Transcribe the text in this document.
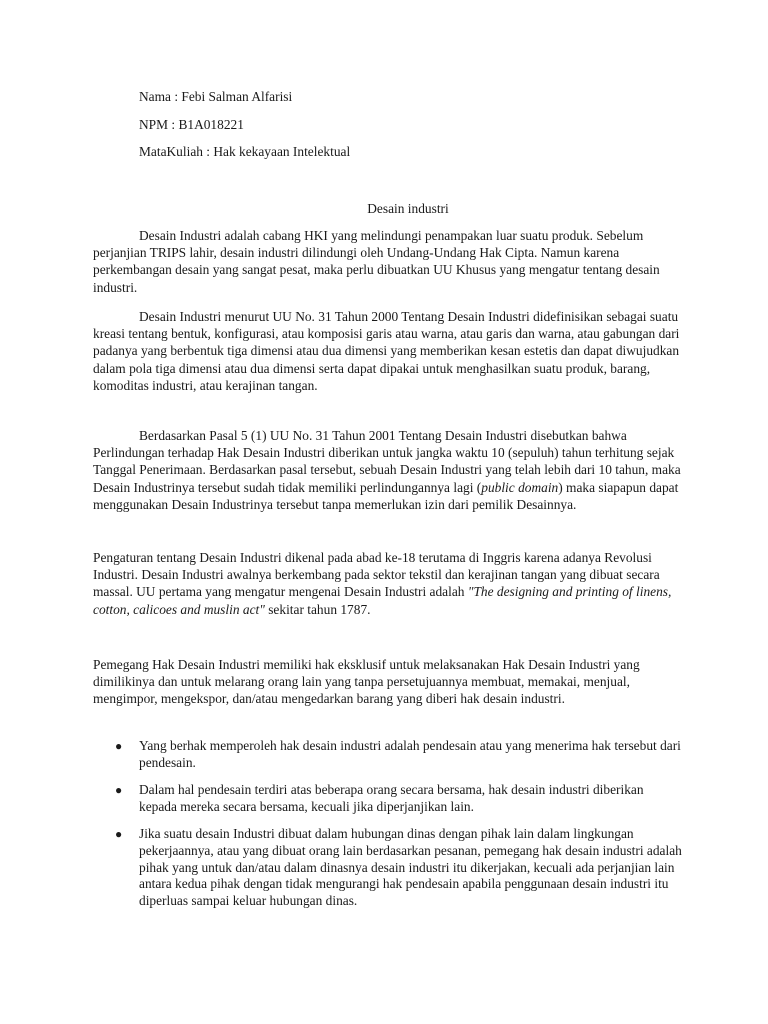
Nama : Febi Salman Alfarisi
NPM : B1A018221
MataKuliah : Hak kekayaan Intelektual
Desain industri

Desain Industri adalah cabang HKI yang melindungi penampakan luar suatu produk. Sebelum perjanjian TRIPS lahir, desain industri dilindungi oleh Undang-Undang Hak Cipta. Namun karena perkembangan desain yang sangat pesat, maka perlu dibuatkan UU Khusus yang mengatur tentang desain industri.

Desain Industri menurut UU No. 31 Tahun 2000 Tentang Desain Industri didefinisikan sebagai suatu kreasi tentang bentuk, konfigurasi, atau komposisi garis atau warna, atau garis dan warna, atau gabungan dari padanya yang berbentuk tiga dimensi atau dua dimensi yang memberikan kesan estetis dan dapat diwujudkan dalam pola tiga dimensi atau dua dimensi serta dapat dipakai untuk menghasilkan suatu produk, barang, komoditas industri, atau kerajinan tangan.

Berdasarkan Pasal 5 (1) UU No. 31 Tahun 2001 Tentang Desain Industri disebutkan bahwa Perlindungan terhadap Hak Desain Industri diberikan untuk jangka waktu 10 (sepuluh) tahun terhitung sejak Tanggal Penerimaan. Berdasarkan pasal tersebut, sebuah Desain Industri yang telah lebih dari 10 tahun, maka Desain Industrinya tersebut sudah tidak memiliki perlindungannya lagi (public domain) maka siapapun dapat menggunakan Desain Industrinya tersebut tanpa memerlukan izin dari pemilik Desainnya.

Pengaturan tentang Desain Industri dikenal pada abad ke-18 terutama di Inggris karena adanya Revolusi Industri. Desain Industri awalnya berkembang pada sektor tekstil dan kerajinan tangan yang dibuat secara massal. UU pertama yang mengatur mengenai Desain Industri adalah "The designing and printing of linens, cotton, calicoes and muslin act" sekitar tahun 1787.

Pemegang Hak Desain Industri memiliki hak eksklusif untuk melaksanakan Hak Desain Industri yang dimilikinya dan untuk melarang orang lain yang tanpa persetujuannya membuat, memakai, menjual, mengimpor, mengekspor, dan/atau mengedarkan barang yang diberi hak desain industri.

● Yang berhak memperoleh hak desain industri adalah pendesain atau yang menerima hak tersebut dari pendesain.
● Dalam hal pendesain terdiri atas beberapa orang secara bersama, hak desain industri diberikan kepada mereka secara bersama, kecuali jika diperjanjikan lain.
● Jika suatu desain Industri dibuat dalam hubungan dinas dengan pihak lain dalam lingkungan pekerjaannya, atau yang dibuat orang lain berdasarkan pesanan, pemegang hak desain industri adalah pihak yang untuk dan/atau dalam dinasnya desain industri itu dikerjakan, kecuali ada perjanjian lain antara kedua pihak dengan tidak mengurangi hak pendesain apabila penggunaan desain industri itu diperluas sampai keluar hubungan dinas.
